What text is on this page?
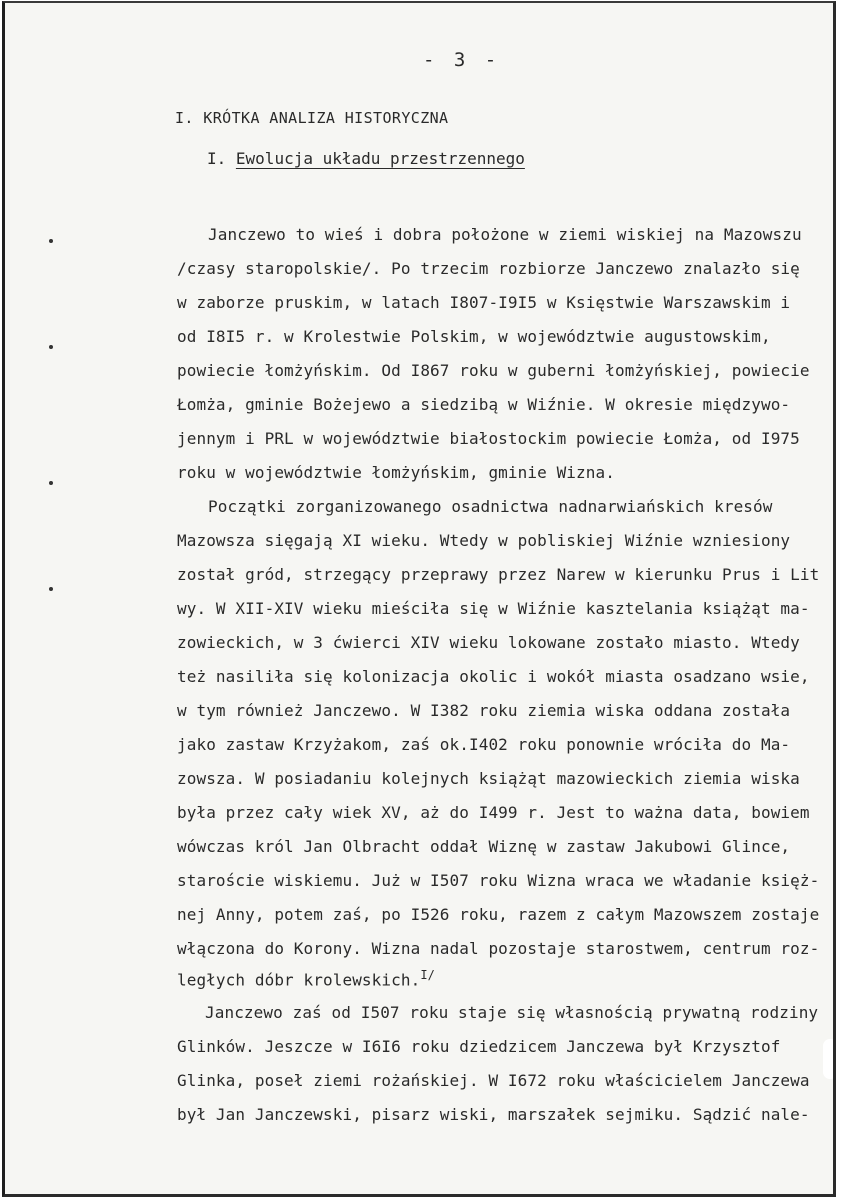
- 3 -
I. KRÓTKA ANALIZA HISTORYCZNA
I. Ewolucja układu przestrzennego
Janczewo to wieś i dobra położone w ziemi wiskiej na Mazowszu
/czasy staropolskie/. Po trzecim rozbiorze Janczewo znalazło się
w zaborze pruskim, w latach I807-I9I5 w Księstwie Warszawskim i
od I8I5 r. w Krolestwie Polskim, w województwie augustowskim,
powiecie łomżyńskim. Od I867 roku w guberni łomżyńskiej, powiecie
Łomża, gminie Bożejewo a siedzibą w Wiźnie. W okresie międzywo-
jennym i PRL w województwie białostockim powiecie Łomża, od I975
roku w województwie łomżyńskim, gminie Wizna.
Początki zorganizowanego osadnictwa nadnarwiańskich kresów
Mazowsza sięgają XI wieku. Wtedy w pobliskiej Wiźnie wzniesiony
został gród, strzegący przeprawy przez Narew w kierunku Prus i Lit
wy. W XII-XIV wieku mieściła się w Wiźnie kasztelania książąt ma-
zowieckich, w 3 ćwierci XIV wieku lokowane zostało miasto. Wtedy
też nasiliła się kolonizacja okolic i wokół miasta osadzano wsie,
w tym również Janczewo. W I382 roku ziemia wiska oddana została
jako zastaw Krzyżakom, zaś ok.I402 roku ponownie wróciła do Ma-
zowsza. W posiadaniu kolejnych książąt mazowieckich ziemia wiska
była przez cały wiek XV, aż do I499 r. Jest to ważna data, bowiem
wówczas król Jan Olbracht oddał Wiznę w zastaw Jakubowi Glince,
staroście wiskiemu. Już w I507 roku Wizna wraca we władanie księż-
nej Anny, potem zaś, po I526 roku, razem z całym Mazowszem zostaje
włączona do Korony. Wizna nadal pozostaje starostwem, centrum roz-
ległych dóbr krolewskich.$^{I/}$
Janczewo zaś od I507 roku staje się własnością prywatną rodziny
Glinków. Jeszcze w I6I6 roku dziedzicem Janczewa był Krzysztof
Glinka, poseł ziemi rożańskiej. W I672 roku właścicielem Janczewa
był Jan Janczewski, pisarz wiski, marszałek sejmiku. Sądzić nale-
